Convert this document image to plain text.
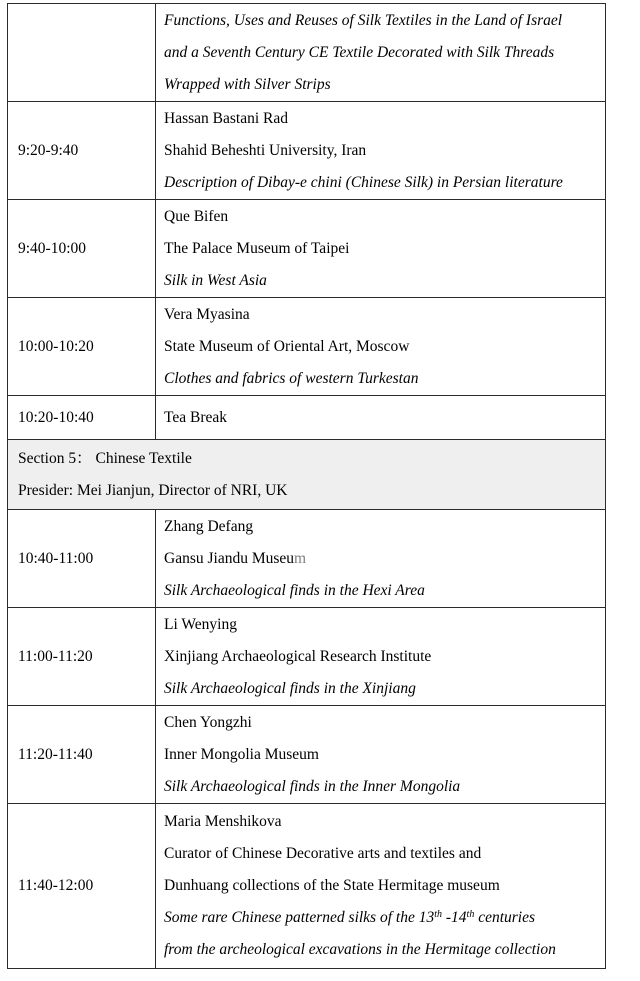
	Functions, Uses and Reuses of Silk Textiles in the Land of Israel
and a Seventh Century CE Textile Decorated with Silk Threads
Wrapped with Silver Strips

9:20-9:40	Hassan Bastani Rad
Shahid Beheshti University, Iran
Description of Dibay-e chini (Chinese Silk) in Persian literature

9:40-10:00	Que Bifen
The Palace Museum of Taipei
Silk in West Asia

10:00-10:20	Vera Myasina
State Museum of Oriental Art, Moscow
Clothes and fabrics of western Turkestan

10:20-10:40	Tea Break

Section 5： Chinese Textile
Presider: Mei Jianjun, Director of NRI, UK	

10:40-11:00	Zhang Defang
Gansu Jiandu Museum
Silk Archaeological finds in the Hexi Area

11:00-11:20	Li Wenying
Xinjiang Archaeological Research Institute
Silk Archaeological finds in the Xinjiang

11:20-11:40	Chen Yongzhi
Inner Mongolia Museum
Silk Archaeological finds in the Inner Mongolia

11:40-12:00	Maria Menshikova
Curator of Chinese Decorative arts and textiles and
Dunhuang collections of the State Hermitage museum
Some rare Chinese patterned silks of the 13th -14th centuries
from the archeological excavations in the Hermitage collection
